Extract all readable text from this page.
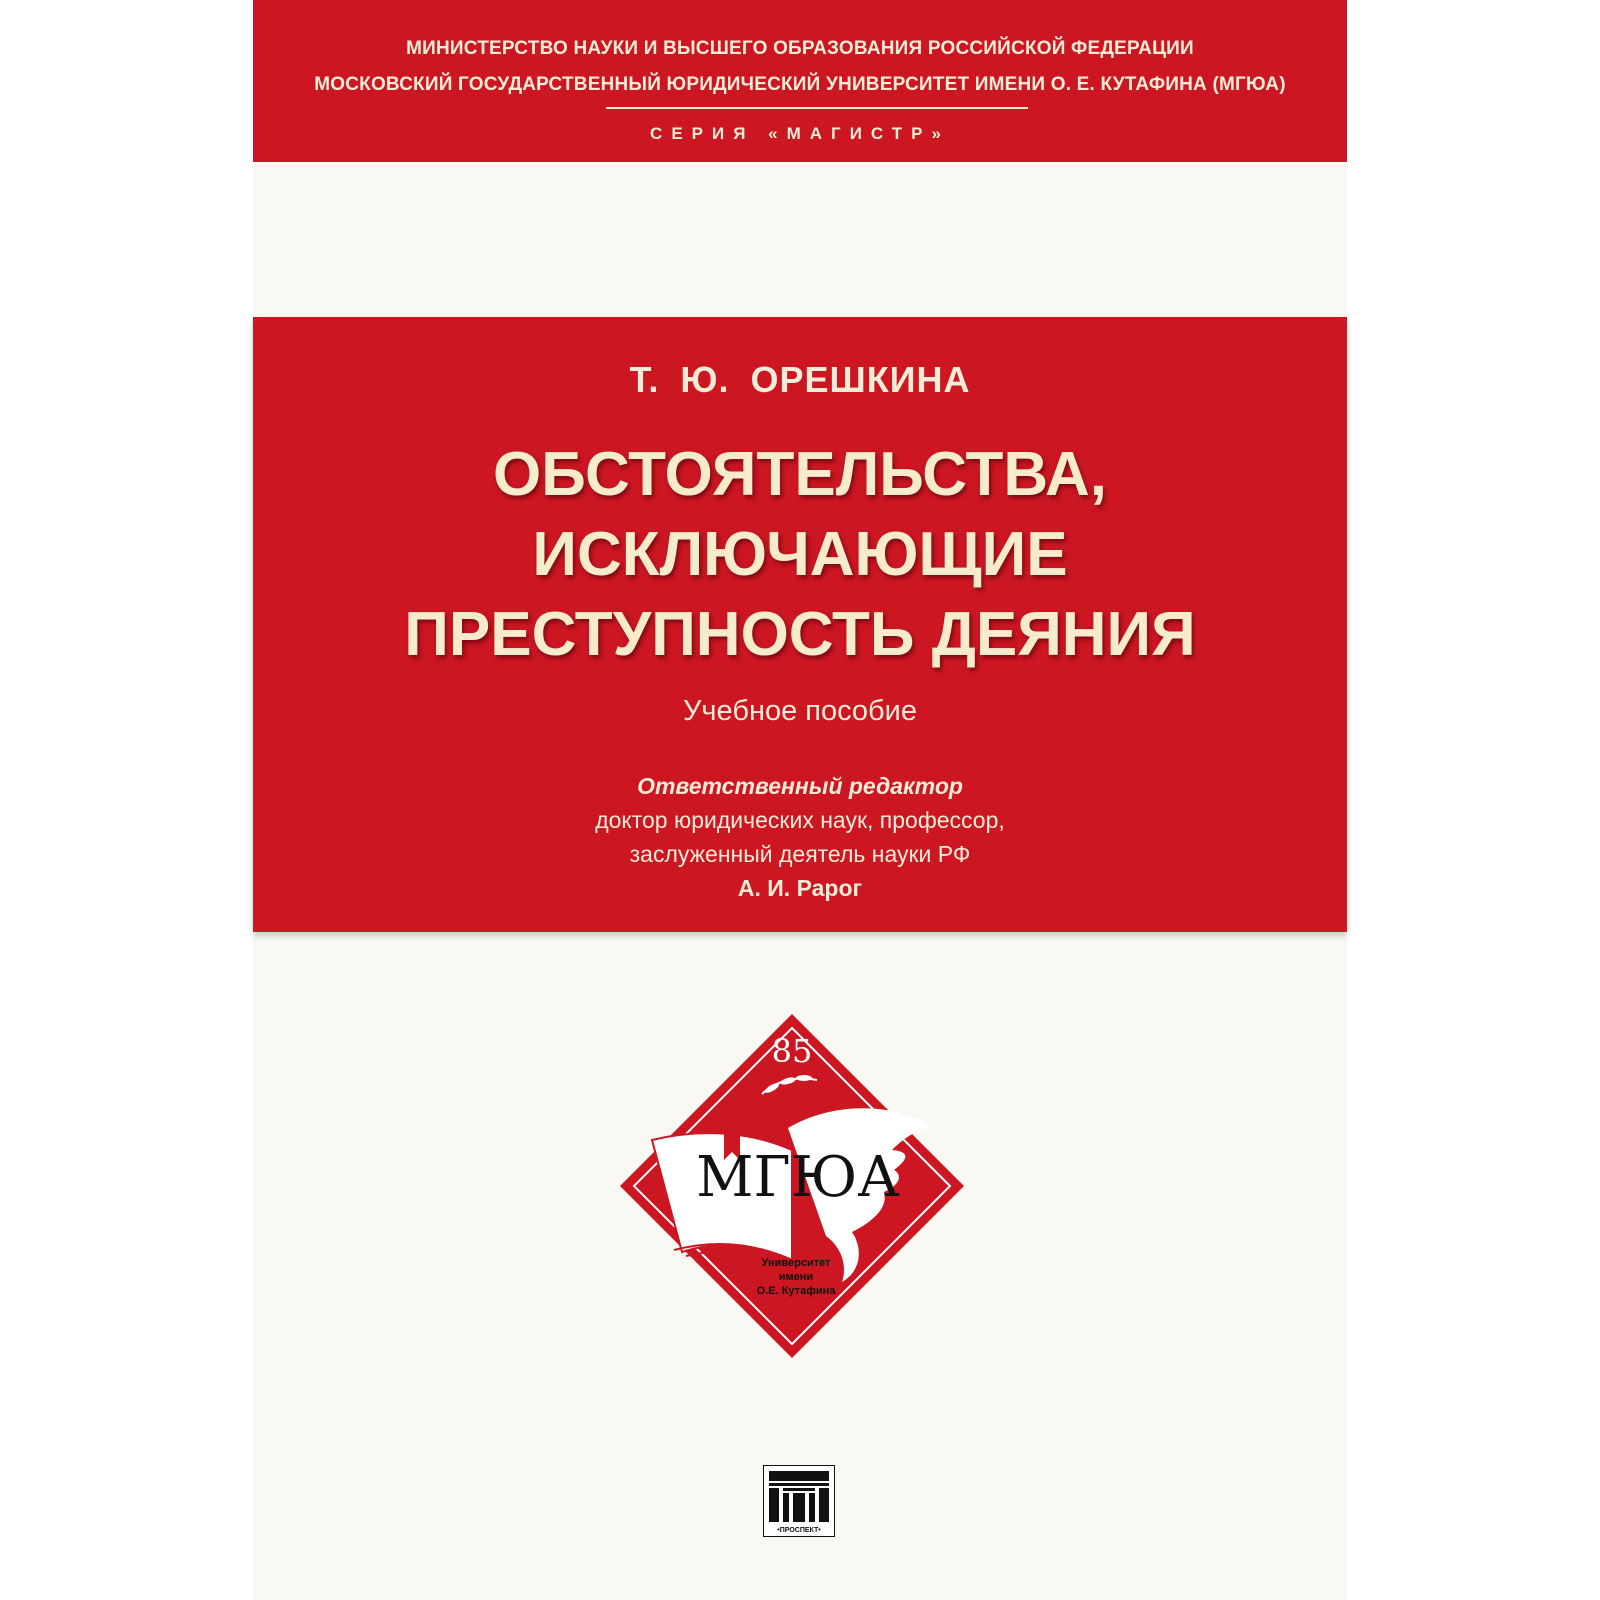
МИНИСТЕРСТВО НАУКИ И ВЫСШЕГО ОБРАЗОВАНИЯ РОССИЙСКОЙ ФЕДЕРАЦИИ
МОСКОВСКИЙ ГОСУДАРСТВЕННЫЙ ЮРИДИЧЕСКИЙ УНИВЕРСИТЕТ ИМЕНИ О. Е. КУТАФИНА (МГЮА)
СЕРИЯ «МАГИСТР»
Т. Ю. ОРЕШКИНА
ОБСТОЯТЕЛЬСТВА,
ИСКЛЮЧАЮЩИЕ
ПРЕСТУПНОСТЬ ДЕЯНИЯ
Учебное пособие
Ответственный редактор
доктор юридических наук, профессор,
заслуженный деятель науки РФ
А. И. Рарог
85
МГЮА
Университет
имени
О.Е. Кутафина
•ПРОСПЕКТ•
